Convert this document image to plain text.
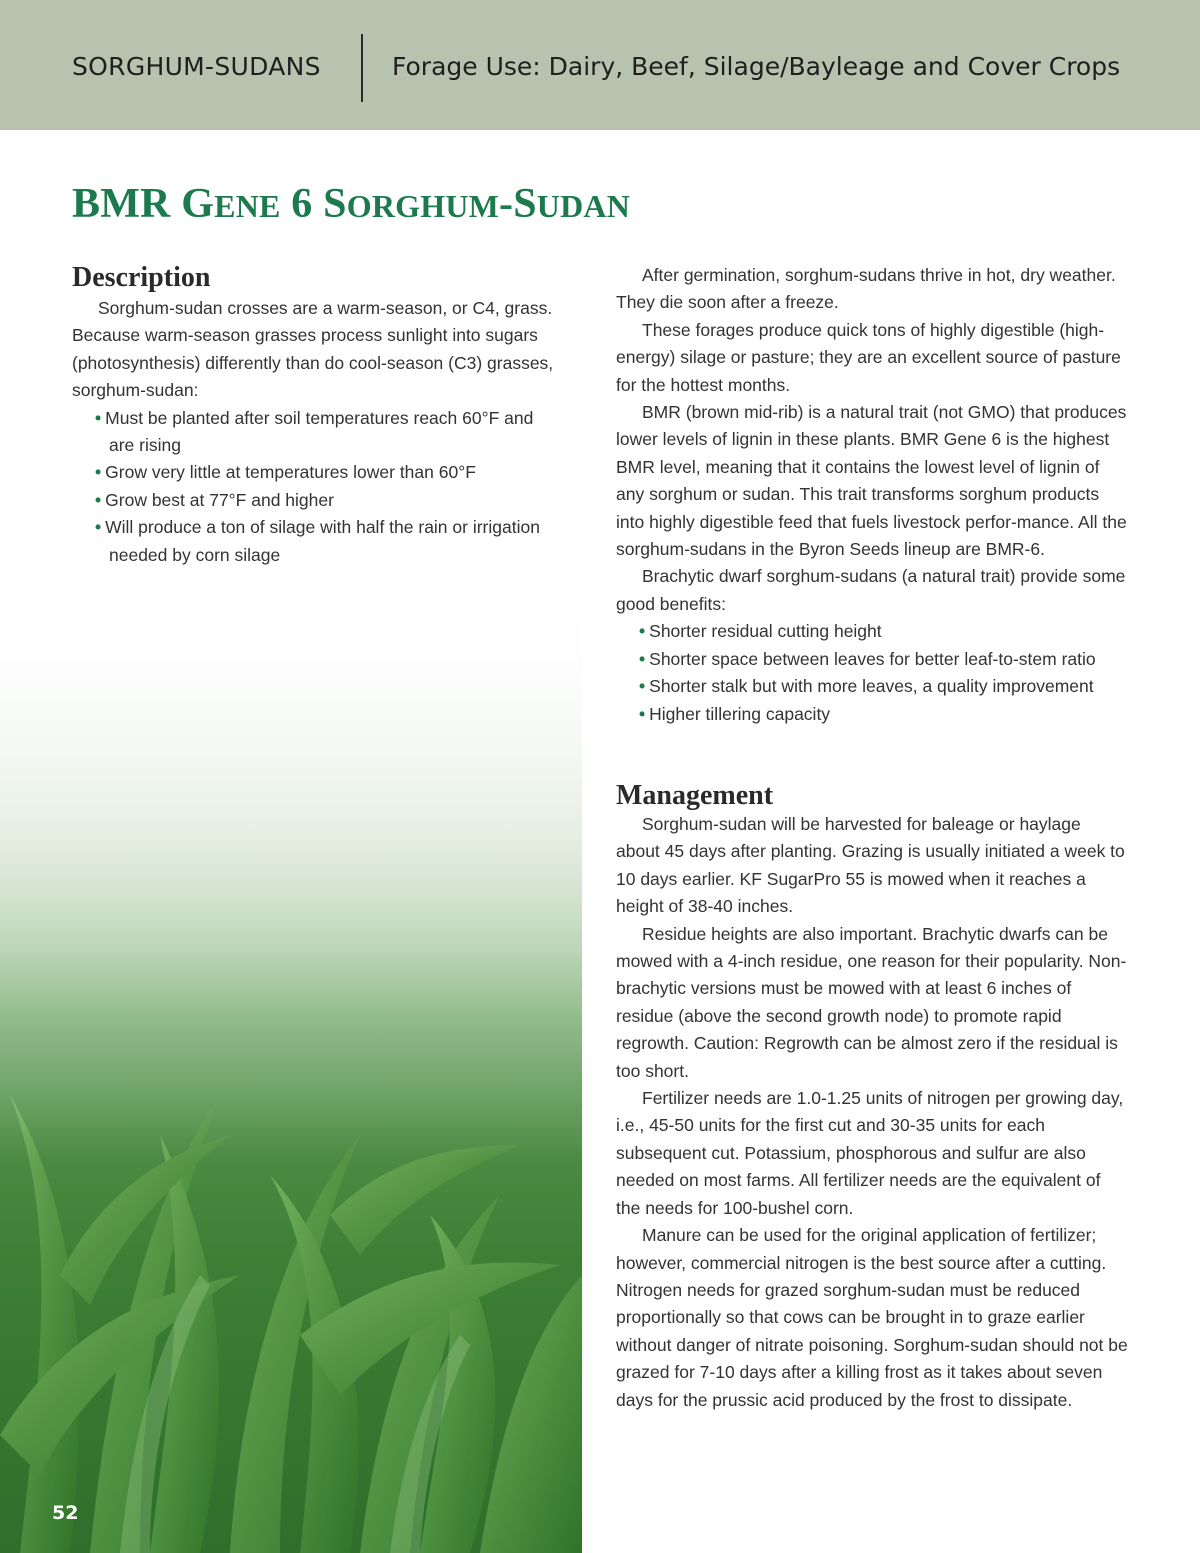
SORGHUM-SUDANS	Forage Use: Dairy, Beef, Silage/Bayleage and Cover Crops
BMR GENE 6 SORGHUM-SUDAN
Description

Sorghum-sudan crosses are a warm-season, or C4, grass. Because warm-season grasses process sunlight into sugars (photosynthesis) differently than do cool-season (C3) grasses, sorghum-sudan:

• Must be planted after soil temperatures reach 60°F and are rising

• Grow very little at temperatures lower than 60°F

• Grow best at 77°F and higher

• Will produce a ton of silage with half the rain or irrigation needed by corn silage

After germination, sorghum-sudans thrive in hot, dry weather. They die soon after a freeze.

These forages produce quick tons of highly digestible (high-energy) silage or pasture; they are an excellent source of pasture for the hottest months.

BMR (brown mid-rib) is a natural trait (not GMO) that produces lower levels of lignin in these plants. BMR Gene 6 is the highest BMR level, meaning that it contains the lowest level of lignin of any sorghum or sudan. This trait transforms sorghum products into highly digestible feed that fuels livestock perfor-mance. All the sorghum-sudans in the Byron Seeds lineup are BMR-6.

Brachytic dwarf sorghum-sudans (a natural trait) provide some good benefits:

• Shorter residual cutting height

• Shorter space between leaves for better leaf-to-stem ratio

• Shorter stalk but with more leaves, a quality improvement

• Higher tillering capacity

Management

Sorghum-sudan will be harvested for baleage or haylage about 45 days after planting. Grazing is usually initiated a week to 10 days earlier. KF SugarPro 55 is mowed when it reaches a height of 38-40 inches.

Residue heights are also important. Brachytic dwarfs can be mowed with a 4-inch residue, one reason for their popularity. Non-brachytic versions must be mowed with at least 6 inches of residue (above the second growth node) to promote rapid regrowth. Caution: Regrowth can be almost zero if the residual is too short.

Fertilizer needs are 1.0-1.25 units of nitrogen per growing day, i.e., 45-50 units for the first cut and 30-35 units for each subsequent cut. Potassium, phosphorous and sulfur are also needed on most farms. All fertilizer needs are the equivalent of the needs for 100-bushel corn.

Manure can be used for the original application of fertilizer; however, commercial nitrogen is the best source after a cutting. Nitrogen needs for grazed sorghum-sudan must be reduced proportionally so that cows can be brought in to graze earlier without danger of nitrate poisoning. Sorghum-sudan should not be grazed for 7-10 days after a killing frost as it takes about seven days for the prussic acid produced by the frost to dissipate.

52
